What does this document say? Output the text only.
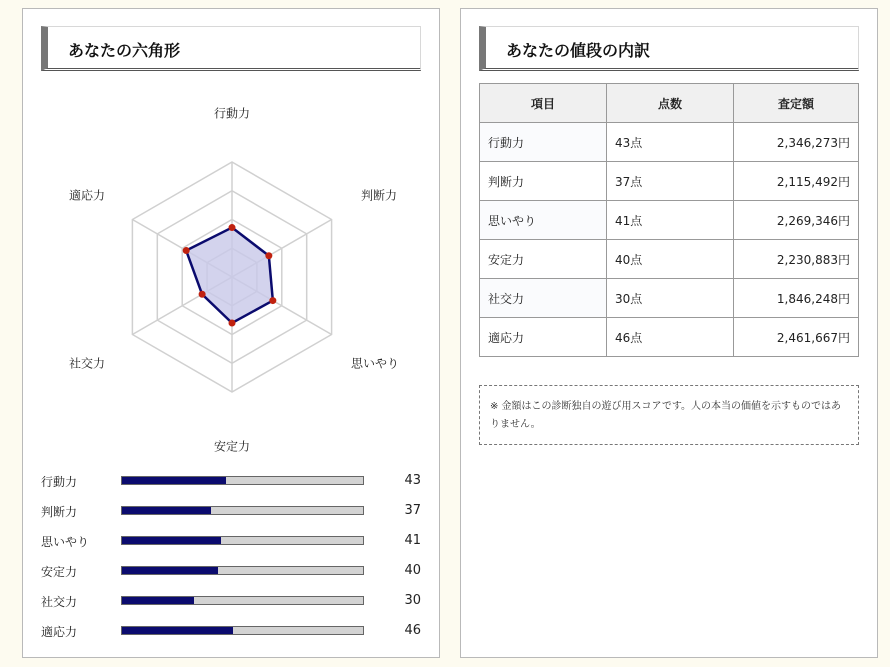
あなたの六角形
行動力
判断力
思いやり
安定力
社交力
適応力
行動力	43
判断力	37
思いやり	41
安定力	40
社交力	30
適応力	46
あなたの値段の内訳
項目	点数	査定額
行動力	43点	2,346,273円
判断力	37点	2,115,492円
思いやり	41点	2,269,346円
安定力	40点	2,230,883円
社交力	30点	1,846,248円
適応力	46点	2,461,667円
※ 金額はこの診断独自の遊び用スコアです。人の本当の価値を示すものではありません。
